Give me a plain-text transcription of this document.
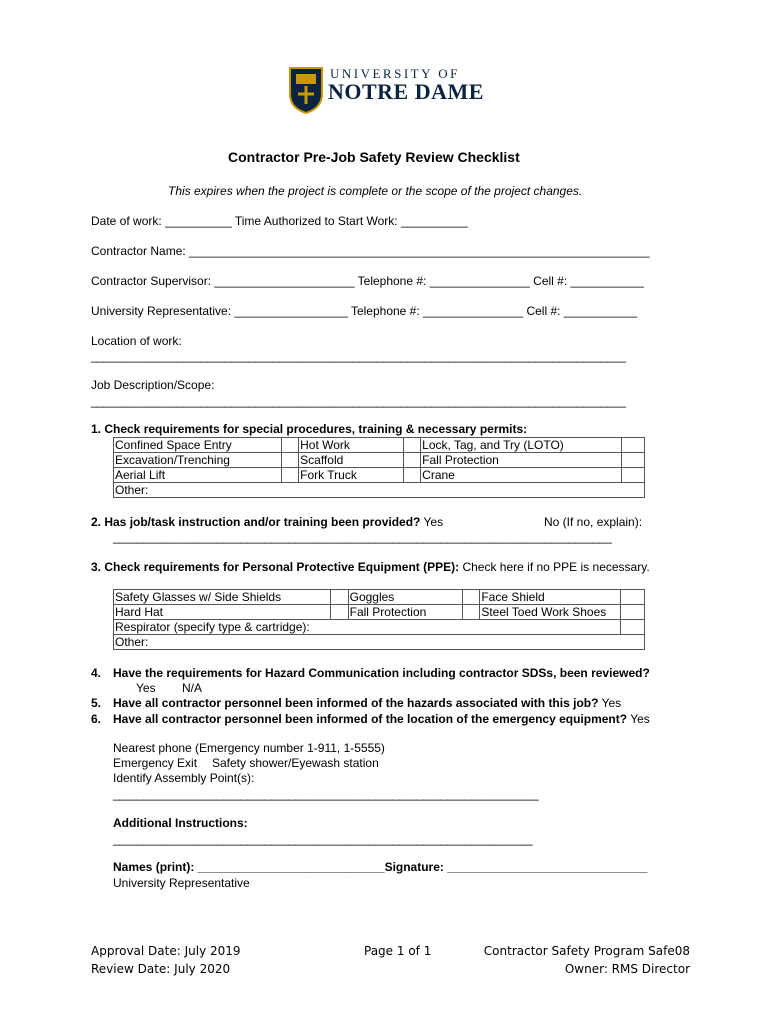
UNIVERSITY OF
NOTRE DAME
Contractor Pre-Job Safety Review Checklist
This expires when the project is complete or the scope of the project changes.
Date of work: __________ Time Authorized to Start Work: __________
Contractor Name: _____________________________________________________________________
Contractor Supervisor: _____________________ Telephone #: _______________ Cell #: ___________
University Representative: _________________ Telephone #: _______________ Cell #: ___________
Location of work:
________________________________________________________________________________________
Job Description/Scope:
________________________________________________________________________________________
1. Check requirements for special procedures, training & necessary permits:
Confined Space Entry		Hot Work		Lock, Tag, and Try (LOTO)	
Excavation/Trenching		Scaffold		Fall Protection	
Aerial Lift		Fork Truck		Crane	
Other:					
2. Has job/task instruction and/or training been provided? Yes	No (If no, explain):
__________________________________________________________________________________
3. Check requirements for Personal Protective Equipment (PPE): Check here if no PPE is necessary.
Safety Glasses w/ Side Shields		Goggles		Face Shield	
Hard Hat		Fall Protection		Steel Toed Work Shoes	
Respirator (specify type & cartridge):					
Other:					
4. Have the requirements for Hazard Communication including contractor SDSs, been reviewed?
Yes N/A
5. Have all contractor personnel been informed of the hazards associated with this job? Yes
6. Have all contractor personnel been informed of the location of the emergency equipment? Yes
Nearest phone (Emergency number 1-911, 1-5555)
Emergency Exit Safety shower/Eyewash station
Identify Assembly Point(s):
______________________________________________________________________
Additional Instructions:
_____________________________________________________________________
Names (print): ____________________________Signature: ______________________________
University Representative
Approval Date: July 2019
Review Date: July 2020
Page 1 of 1	Contractor Safety Program Safe08
Owner: RMS Director
